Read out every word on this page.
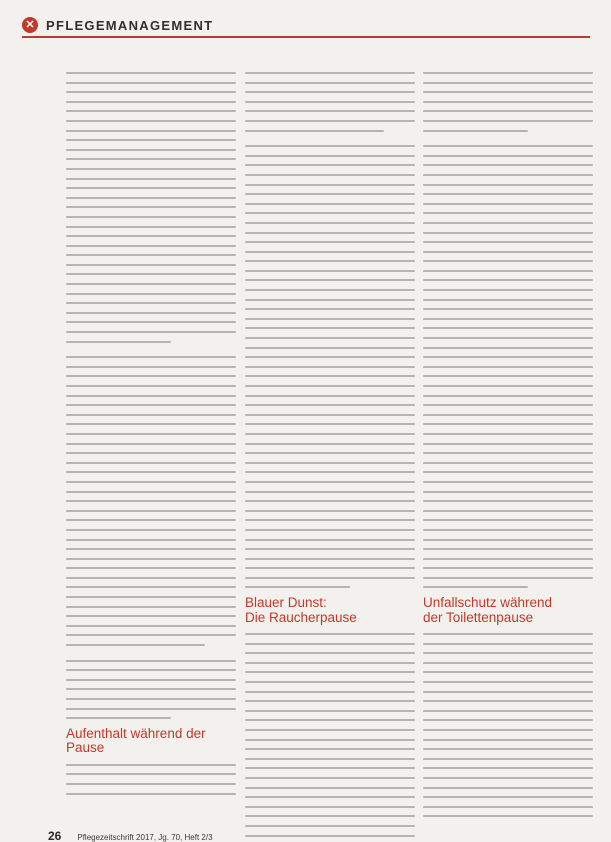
✕ PFLEGEMANAGEMENT
Aufenthalt während der
Pause
Blauer Dunst:
Die Raucherpause
Unfallschutz während
der Toilettenpause
26 Pflegezeitschrift 2017, Jg. 70, Heft 2/3
